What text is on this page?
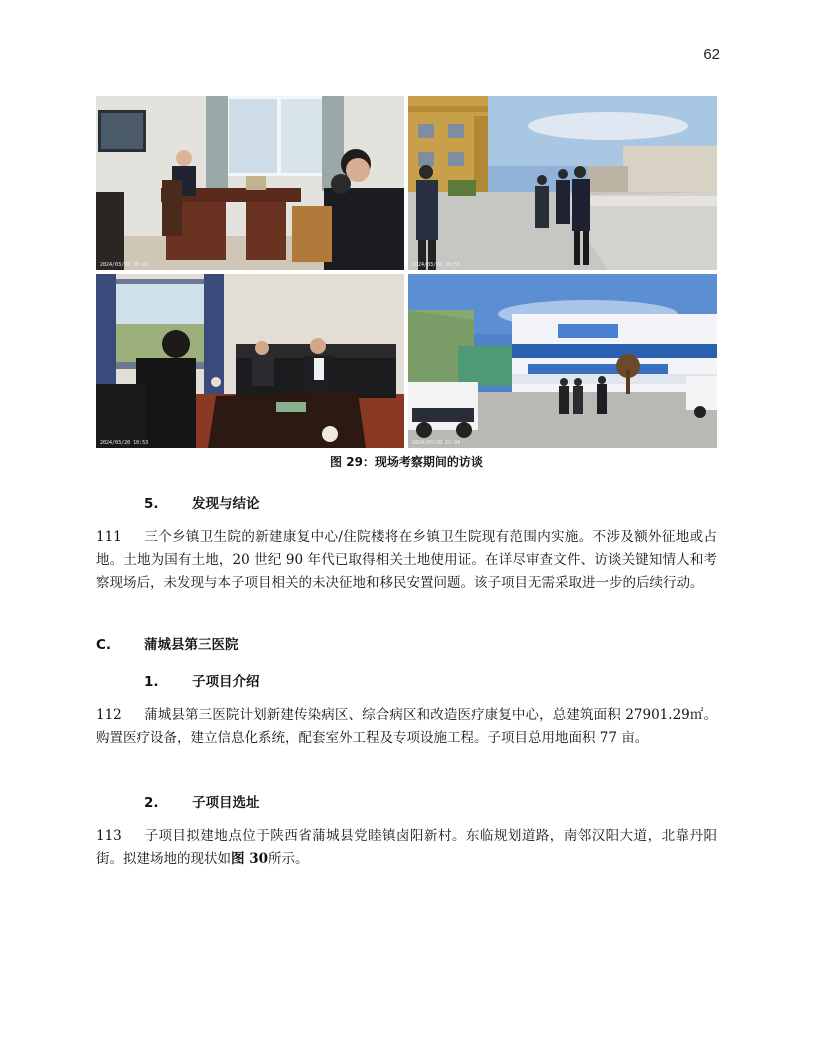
62
2024/03/20 10:41	2024/03/20 10:50
2024/03/20 10:53	2024/03/20 11:04
图 29：现场考察期间的访谈
5. 发现与结论
111 三个乡镇卫生院的新建康复中心/住院楼将在乡镇卫生院现有范围内实施。不涉及额外征地或占地。土地为国有土地，20 世纪 90 年代已取得相关土地使用证。在详尽审查文件、访谈关键知情人和考察现场后，未发现与本子项目相关的未决征地和移民安置问题。该子项目无需采取进一步的后续行动。
C. 蒲城县第三医院
1. 子项目介绍
112 蒲城县第三医院计划新建传染病区、综合病区和改造医疗康复中心，总建筑面积 27901.29㎡。购置医疗设备，建立信息化系统，配套室外工程及专项设施工程。子项目总用地面积 77 亩。
2. 子项目选址
113 子项目拟建地点位于陕西省蒲城县党睦镇卤阳新村。东临规划道路，南邻汉阳大道，北靠丹阳街。拟建场地的现状如图 30所示。
